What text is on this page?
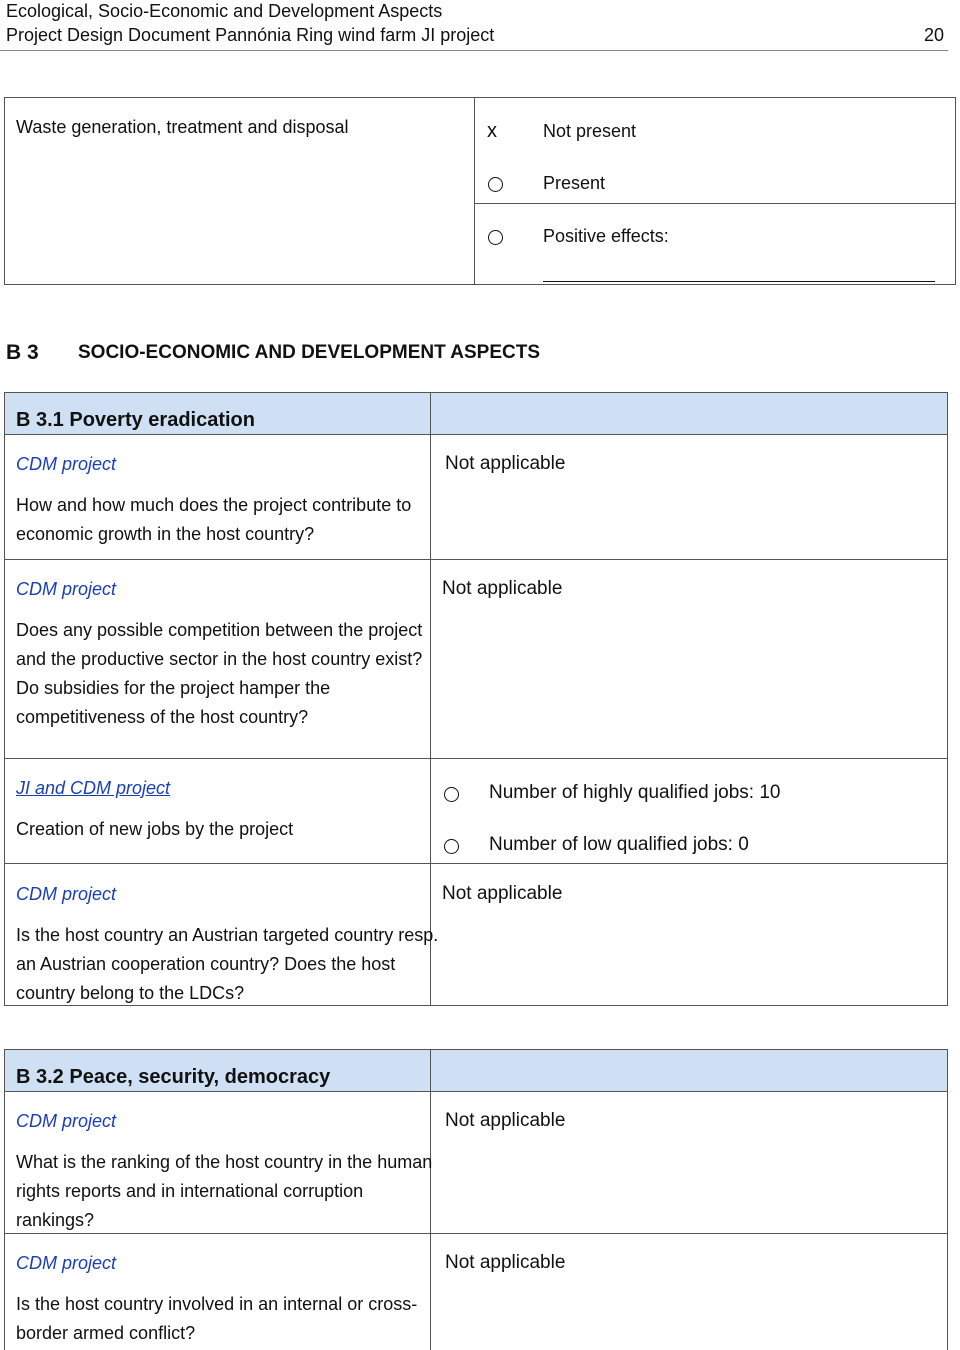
Ecological, Socio-Economic and Development Aspects
Project Design Document Pannónia Ring wind farm JI project	20
Waste generation, treatment and disposal	x	Not present
Present
Positive effects:
B 3 SOCIO-ECONOMIC AND DEVELOPMENT ASPECTS
B 3.1 Poverty eradication
CDM project
How and how much does the project contribute to
economic growth in the host country?
Not applicable
CDM project
Does any possible competition between the project
and the productive sector in the host country exist?
Do subsidies for the project hamper the
competitiveness of the host country?
Not applicable
JI and CDM project
Creation of new jobs by the project
Number of highly qualified jobs: 10
Number of low qualified jobs: 0
CDM project
Is the host country an Austrian targeted country resp.
an Austrian cooperation country? Does the host
country belong to the LDCs?
Not applicable
B 3.2 Peace, security, democracy
CDM project
What is the ranking of the host country in the human
rights reports and in international corruption
rankings?
Not applicable
CDM project
Is the host country involved in an internal or cross-
border armed conflict?
Not applicable
